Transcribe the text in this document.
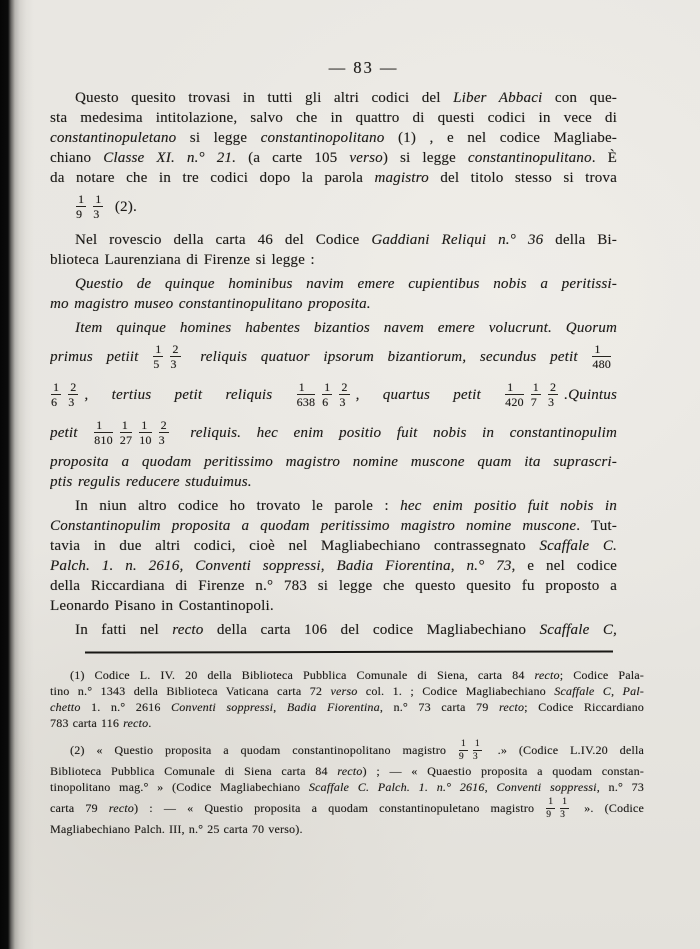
— 83 —
Questo quesito trovasi in tutti gli altri codici del Liber Abbaci con que-
sta medesima intitolazione, salvo che in quattro di questi codici in vece di
constantinopuletano si legge constantinopolitano (1) , e nel codice Magliabe-
chiano Classe XI. n.° 21. (a carte 105 verso) si legge constantinopulitano. È
da notare che in tre codici dopo la parola magistro del titolo stesso si trova
$\frac{1}{9} \frac{1}{3} (2)$.
Nel rovescio della carta 46 del Codice Gaddiani Reliqui n.° 36 della Bi-
blioteca Laurenziana di Firenze si legge :
Questio de quinque hominibus navim emere cupientibus nobis a peritissi-
mo magistro museo constantinopulitano proposita.
Item quinque homines habentes bizantios navem emere volucrunt. Quorum
primus petiit $\frac{1}{5} \frac{2}{3}$ reliquis quatuor ipsorum bizantiorum, secundus petit $\frac{1}{480}$
$\frac{1}{6} \frac{2}{3}$ , tertius petit reliquis $\frac{1}{638} \frac{1}{6} \frac{2}{3}$ , quartus petit $\frac{1}{420} \frac{1}{7} \frac{2}{3}$ .Quintus
petit $\frac{1}{810} \frac{1}{27} \frac{1}{10} \frac{2}{3}$ reliquis. hec enim positio fuit nobis in constantinopulim
proposita a quodam peritissimo magistro nomine muscone quam ita suprascri-
ptis regulis reducere studuimus.
In niun altro codice ho trovato le parole : hec enim positio fuit nobis in
Constantinopulim proposita a quodam peritissimo magistro nomine muscone. Tut-
tavia in due altri codici, cioè nel Magliabechiano contrassegnato Scaffale C.
Palch. 1. n. 2616, Conventi soppressi, Badia Fiorentina, n.° 73, e nel codice
della Riccardiana di Firenze n.° 783 si legge che questo quesito fu proposto a
Leonardo Pisano in Costantinopoli.
In fatti nel recto della carta 106 del codice Magliabechiano Scaffale C,
(1) Codice L. IV. 20 della Biblioteca Pubblica Comunale di Siena, carta 84 recto; Codice Pala-
tino n.° 1343 della Biblioteca Vaticana carta 72 verso col. 1. ; Codice Magliabechiano Scaffale C, Pal-
chetto 1. n.° 2616 Conventi soppressi, Badia Fiorentina, n.° 73 carta 79 recto; Codice Riccardiano
783 carta 116 recto.
(2) « Questio proposita a quodam constantinopolitano magistro $\frac{1}{9} \frac{1}{3}$ .» (Codice L.IV.20 della
Biblioteca Pubblica Comunale di Siena carta 84 recto) ; — « Quaestio proposita a quodam constan-
tinopolitano mag.° » (Codice Magliabechiano Scaffale C. Palch. 1. n.° 2616, Conventi soppressi, n.° 73
carta 79 recto) : — « Questio proposita a quodam constantinopuletano magistro $\frac{1}{9} \frac{1}{3}$ ». (Codice
Magliabechiano Palch. III, n.° 25 carta 70 verso).
